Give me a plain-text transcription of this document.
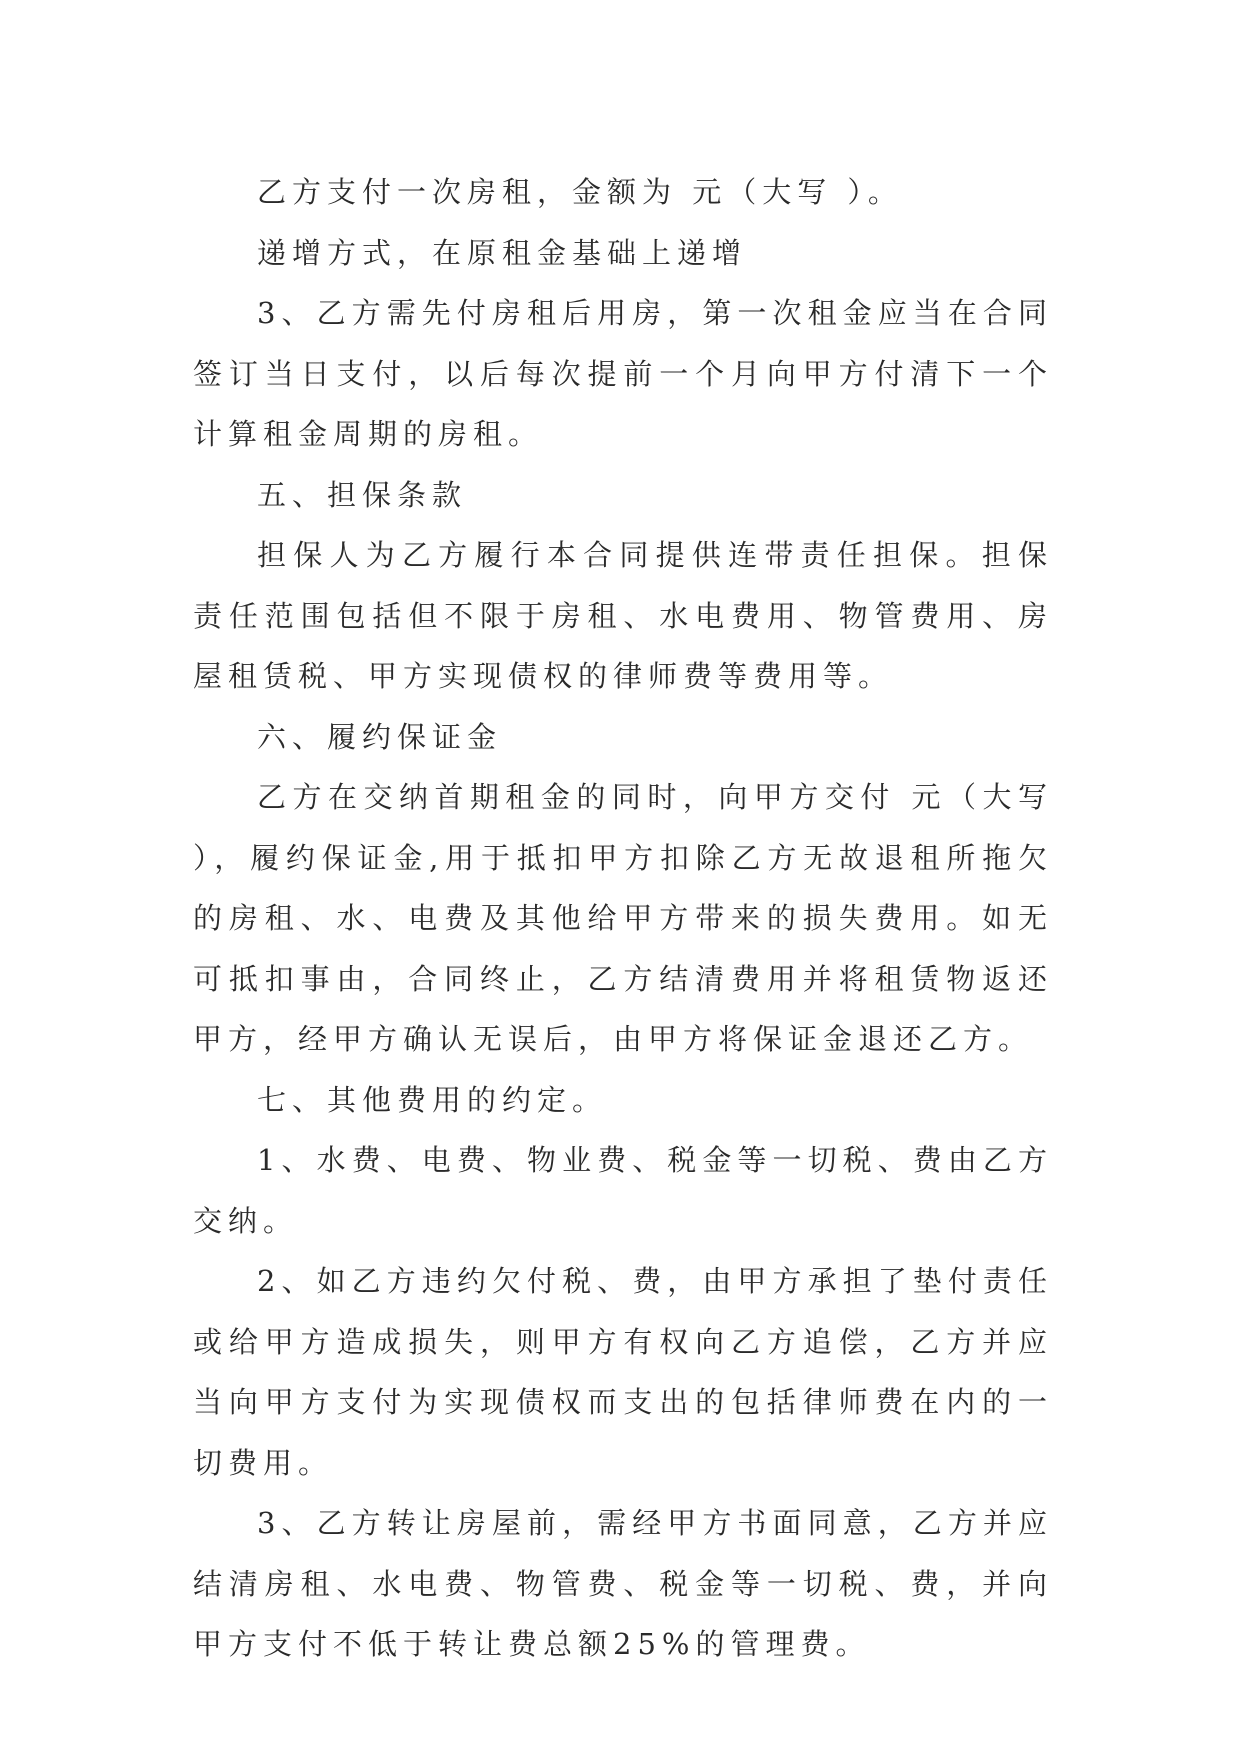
乙方支付一次房租，金额为 元（大写 ）。

递增方式，在原租金基础上递增

3、乙方需先付房租后用房，第一次租金应当在合同签订当日支付，以后每次提前一个月向甲方付清下一个计算租金周期的房租。

五、担保条款

担保人为乙方履行本合同提供连带责任担保。担保责任范围包括但不限于房租、水电费用、物管费用、房屋租赁税、甲方实现债权的律师费等费用等。

六、履约保证金

乙方在交纳首期租金的同时，向甲方交付 元（大写 ），履约保证金,用于抵扣甲方扣除乙方无故退租所拖欠的房租、水、电费及其他给甲方带来的损失费用。如无可抵扣事由，合同终止，乙方结清费用并将租赁物返还甲方，经甲方确认无误后，由甲方将保证金退还乙方。

七、其他费用的约定。

1、水费、电费、物业费、税金等一切税、费由乙方交纳。

2、如乙方违约欠付税、费，由甲方承担了垫付责任或给甲方造成损失，则甲方有权向乙方追偿，乙方并应当向甲方支付为实现债权而支出的包括律师费在内的一切费用。

3、乙方转让房屋前，需经甲方书面同意，乙方并应结清房租、水电费、物管费、税金等一切税、费，并向甲方支付不低于转让费总额25%的管理费。
